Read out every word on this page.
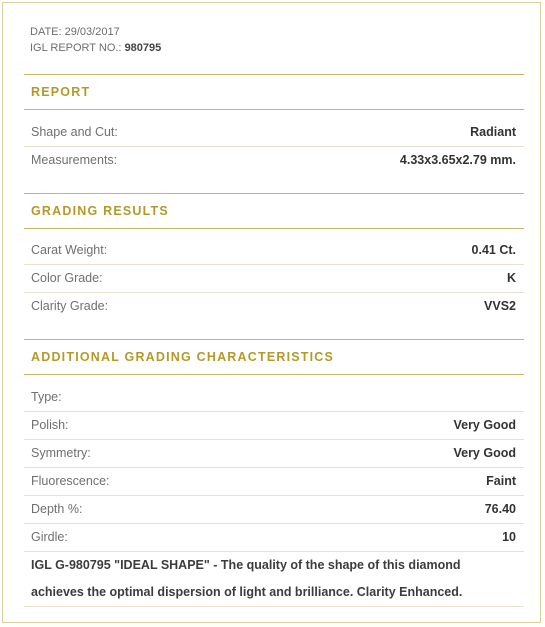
DATE: 29/03/2017
IGL REPORT NO.: 980795
REPORT
Shape and Cut:	Radiant
Measurements:	4.33x3.65x2.79 mm.
GRADING RESULTS
Carat Weight:	0.41 Ct.
Color Grade:	K
Clarity Grade:	VVS2
ADDITIONAL GRADING CHARACTERISTICS
Type:
Polish:	Very Good
Symmetry:	Very Good
Fluorescence:	Faint
Depth %:	76.40
Girdle:	10
IGL G-980795 "IDEAL SHAPE" - The quality of the shape of this diamond achieves the optimal dispersion of light and brilliance. Clarity Enhanced.
